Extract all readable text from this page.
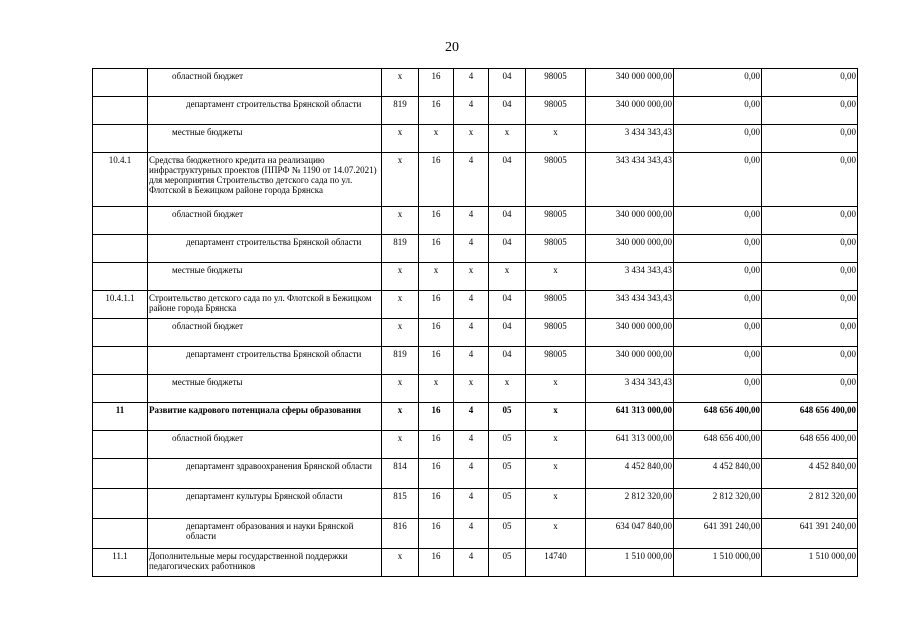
20
	областной бюджет	х	16	4	04	98005	340 000 000,00	0,00	0,00
	департамент строительства Брянской области	819	16	4	04	98005	340 000 000,00	0,00	0,00
	местные бюджеты	х	х	х	х	х	3 434 343,43	0,00	0,00
10.4.1	Средства бюджетного кредита на реализацию инфраструктурных проектов (ППРФ № 1190 от 14.07.2021) для мероприятия Строительство детского сада по ул. Флотской в Бежицком районе города Брянска	х	16	4	04	98005	343 434 343,43	0,00	0,00
	областной бюджет	х	16	4	04	98005	340 000 000,00	0,00	0,00
	департамент строительства Брянской области	819	16	4	04	98005	340 000 000,00	0,00	0,00
	местные бюджеты	х	х	х	х	х	3 434 343,43	0,00	0,00
10.4.1.1	Строительство детского сада по ул. Флотской в Бежицком районе города Брянска	х	16	4	04	98005	343 434 343,43	0,00	0,00
	областной бюджет	х	16	4	04	98005	340 000 000,00	0,00	0,00
	департамент строительства Брянской области	819	16	4	04	98005	340 000 000,00	0,00	0,00
	местные бюджеты	х	х	х	х	х	3 434 343,43	0,00	0,00
11	Развитие кадрового потенциала сферы образования	х	16	4	05	х	641 313 000,00	648 656 400,00	648 656 400,00
	областной бюджет	х	16	4	05	х	641 313 000,00	648 656 400,00	648 656 400,00
	департамент здравоохранения Брянской области	814	16	4	05	х	4 452 840,00	4 452 840,00	4 452 840,00
	департамент культуры Брянской области	815	16	4	05	х	2 812 320,00	2 812 320,00	2 812 320,00
	департамент образования и науки Брянской области	816	16	4	05	х	634 047 840,00	641 391 240,00	641 391 240,00
11.1	Дополнительные меры государственной поддержки педагогических работников	х	16	4	05	14740	1 510 000,00	1 510 000,00	1 510 000,00
